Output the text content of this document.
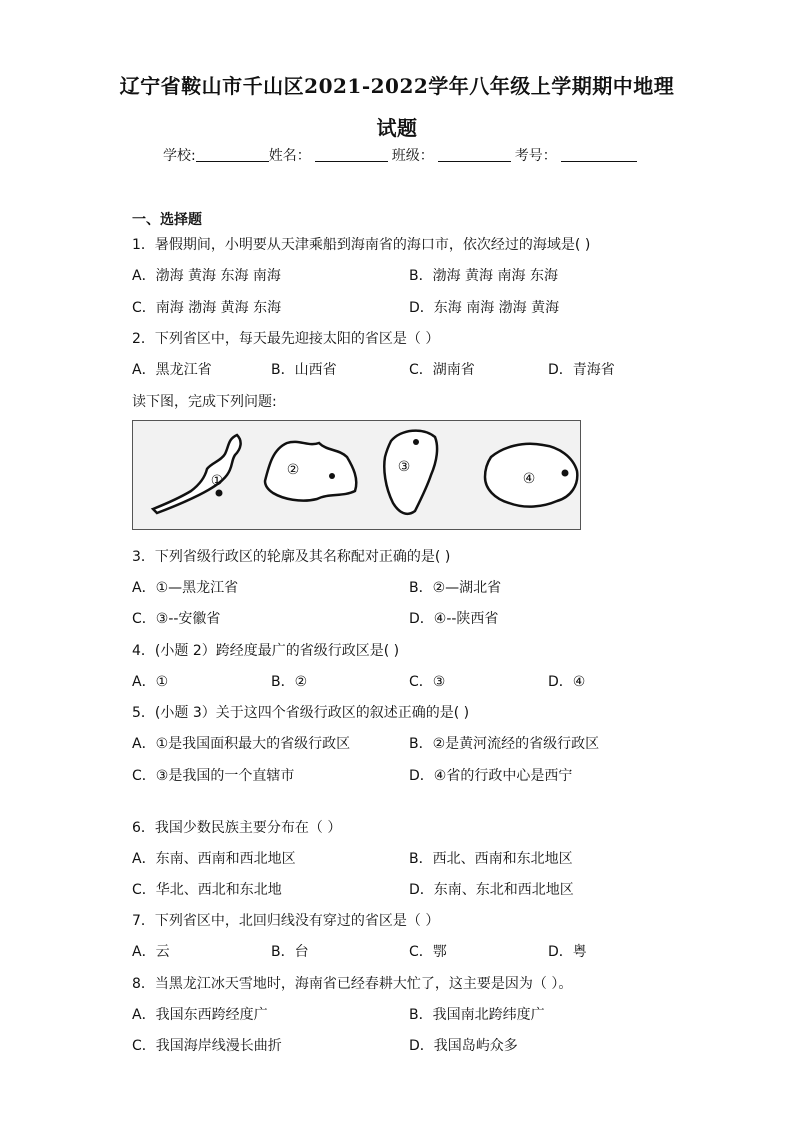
辽宁省鞍山市千山区2021-2022学年八年级上学期期中地理
试题
学校:	姓名：	班级：	考号：
一、选择题
1．暑假期间，小明要从天津乘船到海南省的海口市，依次经过的海域是( )
A．渤海 黄海 东海 南海	B．渤海 黄海 南海 东海
C．南海 渤海 黄海 东海	D．东海 南海 渤海 黄海
2．下列省区中，每天最先迎接太阳的省区是（ ）
A．黑龙江省	B．山西省	C．湖南省	D．青海省
读下图，完成下列问题:
①
②	③
④
3．下列省级行政区的轮廓及其名称配对正确的是( )
A．①—黑龙江省	B．②—湖北省
C．③--安徽省	D．④--陕西省
4．(小题 2）跨经度最广的省级行政区是( )
A．①	B．②	C．③	D．④
5．(小题 3）关于这四个省级行政区的叙述正确的是( )
A．①是我国面积最大的省级行政区	B．②是黄河流经的省级行政区
C．③是我国的一个直辖市	D．④省的行政中心是西宁
6．我国少数民族主要分布在（ ）
A．东南、西南和西北地区	B．西北、西南和东北地区
C．华北、西北和东北地	D．东南、东北和西北地区
7．下列省区中，北回归线没有穿过的省区是（ ）
A．云	B．台	C．鄂	D．粤
8．当黑龙江冰天雪地时，海南省已经春耕大忙了，这主要是因为（ ）。
A．我国东西跨经度广	B．我国南北跨纬度广
C．我国海岸线漫长曲折	D．我国岛屿众多
